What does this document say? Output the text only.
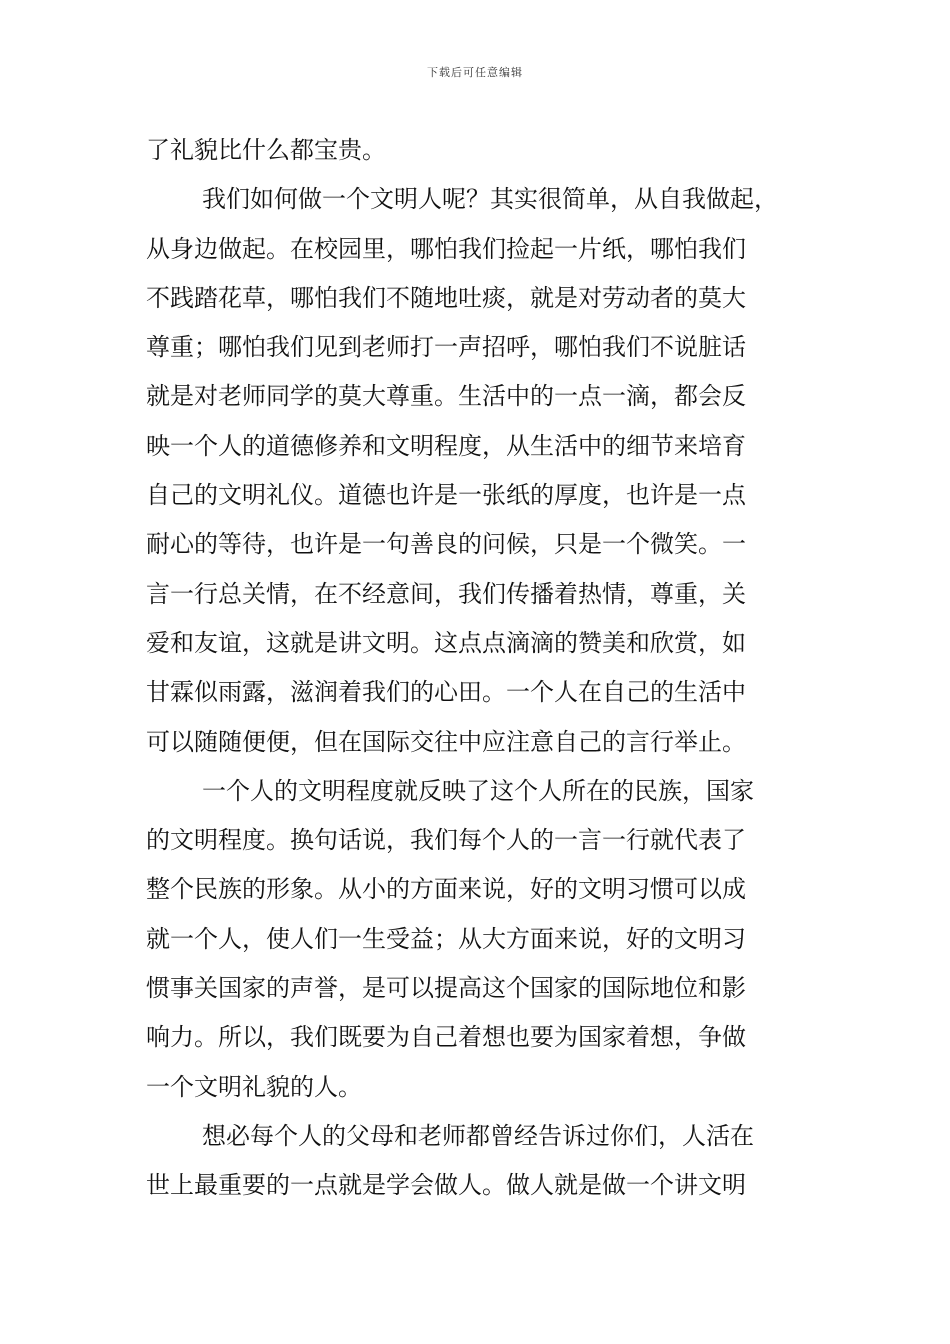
下载后可任意编辑
了礼貌比什么都宝贵。
我们如何做一个文明人呢？其实很简单，从自我做起，
从身边做起。在校园里，哪怕我们捡起一片纸，哪怕我们
不践踏花草，哪怕我们不随地吐痰，就是对劳动者的莫大
尊重；哪怕我们见到老师打一声招呼，哪怕我们不说脏话
就是对老师同学的莫大尊重。生活中的一点一滴，都会反
映一个人的道德修养和文明程度，从生活中的细节来培育
自己的文明礼仪。道德也许是一张纸的厚度，也许是一点
耐心的等待，也许是一句善良的问候，只是一个微笑。一
言一行总关情，在不经意间，我们传播着热情，尊重，关
爱和友谊，这就是讲文明。这点点滴滴的赞美和欣赏，如
甘霖似雨露，滋润着我们的心田。一个人在自己的生活中
可以随随便便，但在国际交往中应注意自己的言行举止。
一个人的文明程度就反映了这个人所在的民族，国家
的文明程度。换句话说，我们每个人的一言一行就代表了
整个民族的形象。从小的方面来说，好的文明习惯可以成
就一个人，使人们一生受益；从大方面来说，好的文明习
惯事关国家的声誉，是可以提高这个国家的国际地位和影
响力。所以，我们既要为自己着想也要为国家着想，争做
一个文明礼貌的人。
想必每个人的父母和老师都曾经告诉过你们，人活在
世上最重要的一点就是学会做人。做人就是做一个讲文明
